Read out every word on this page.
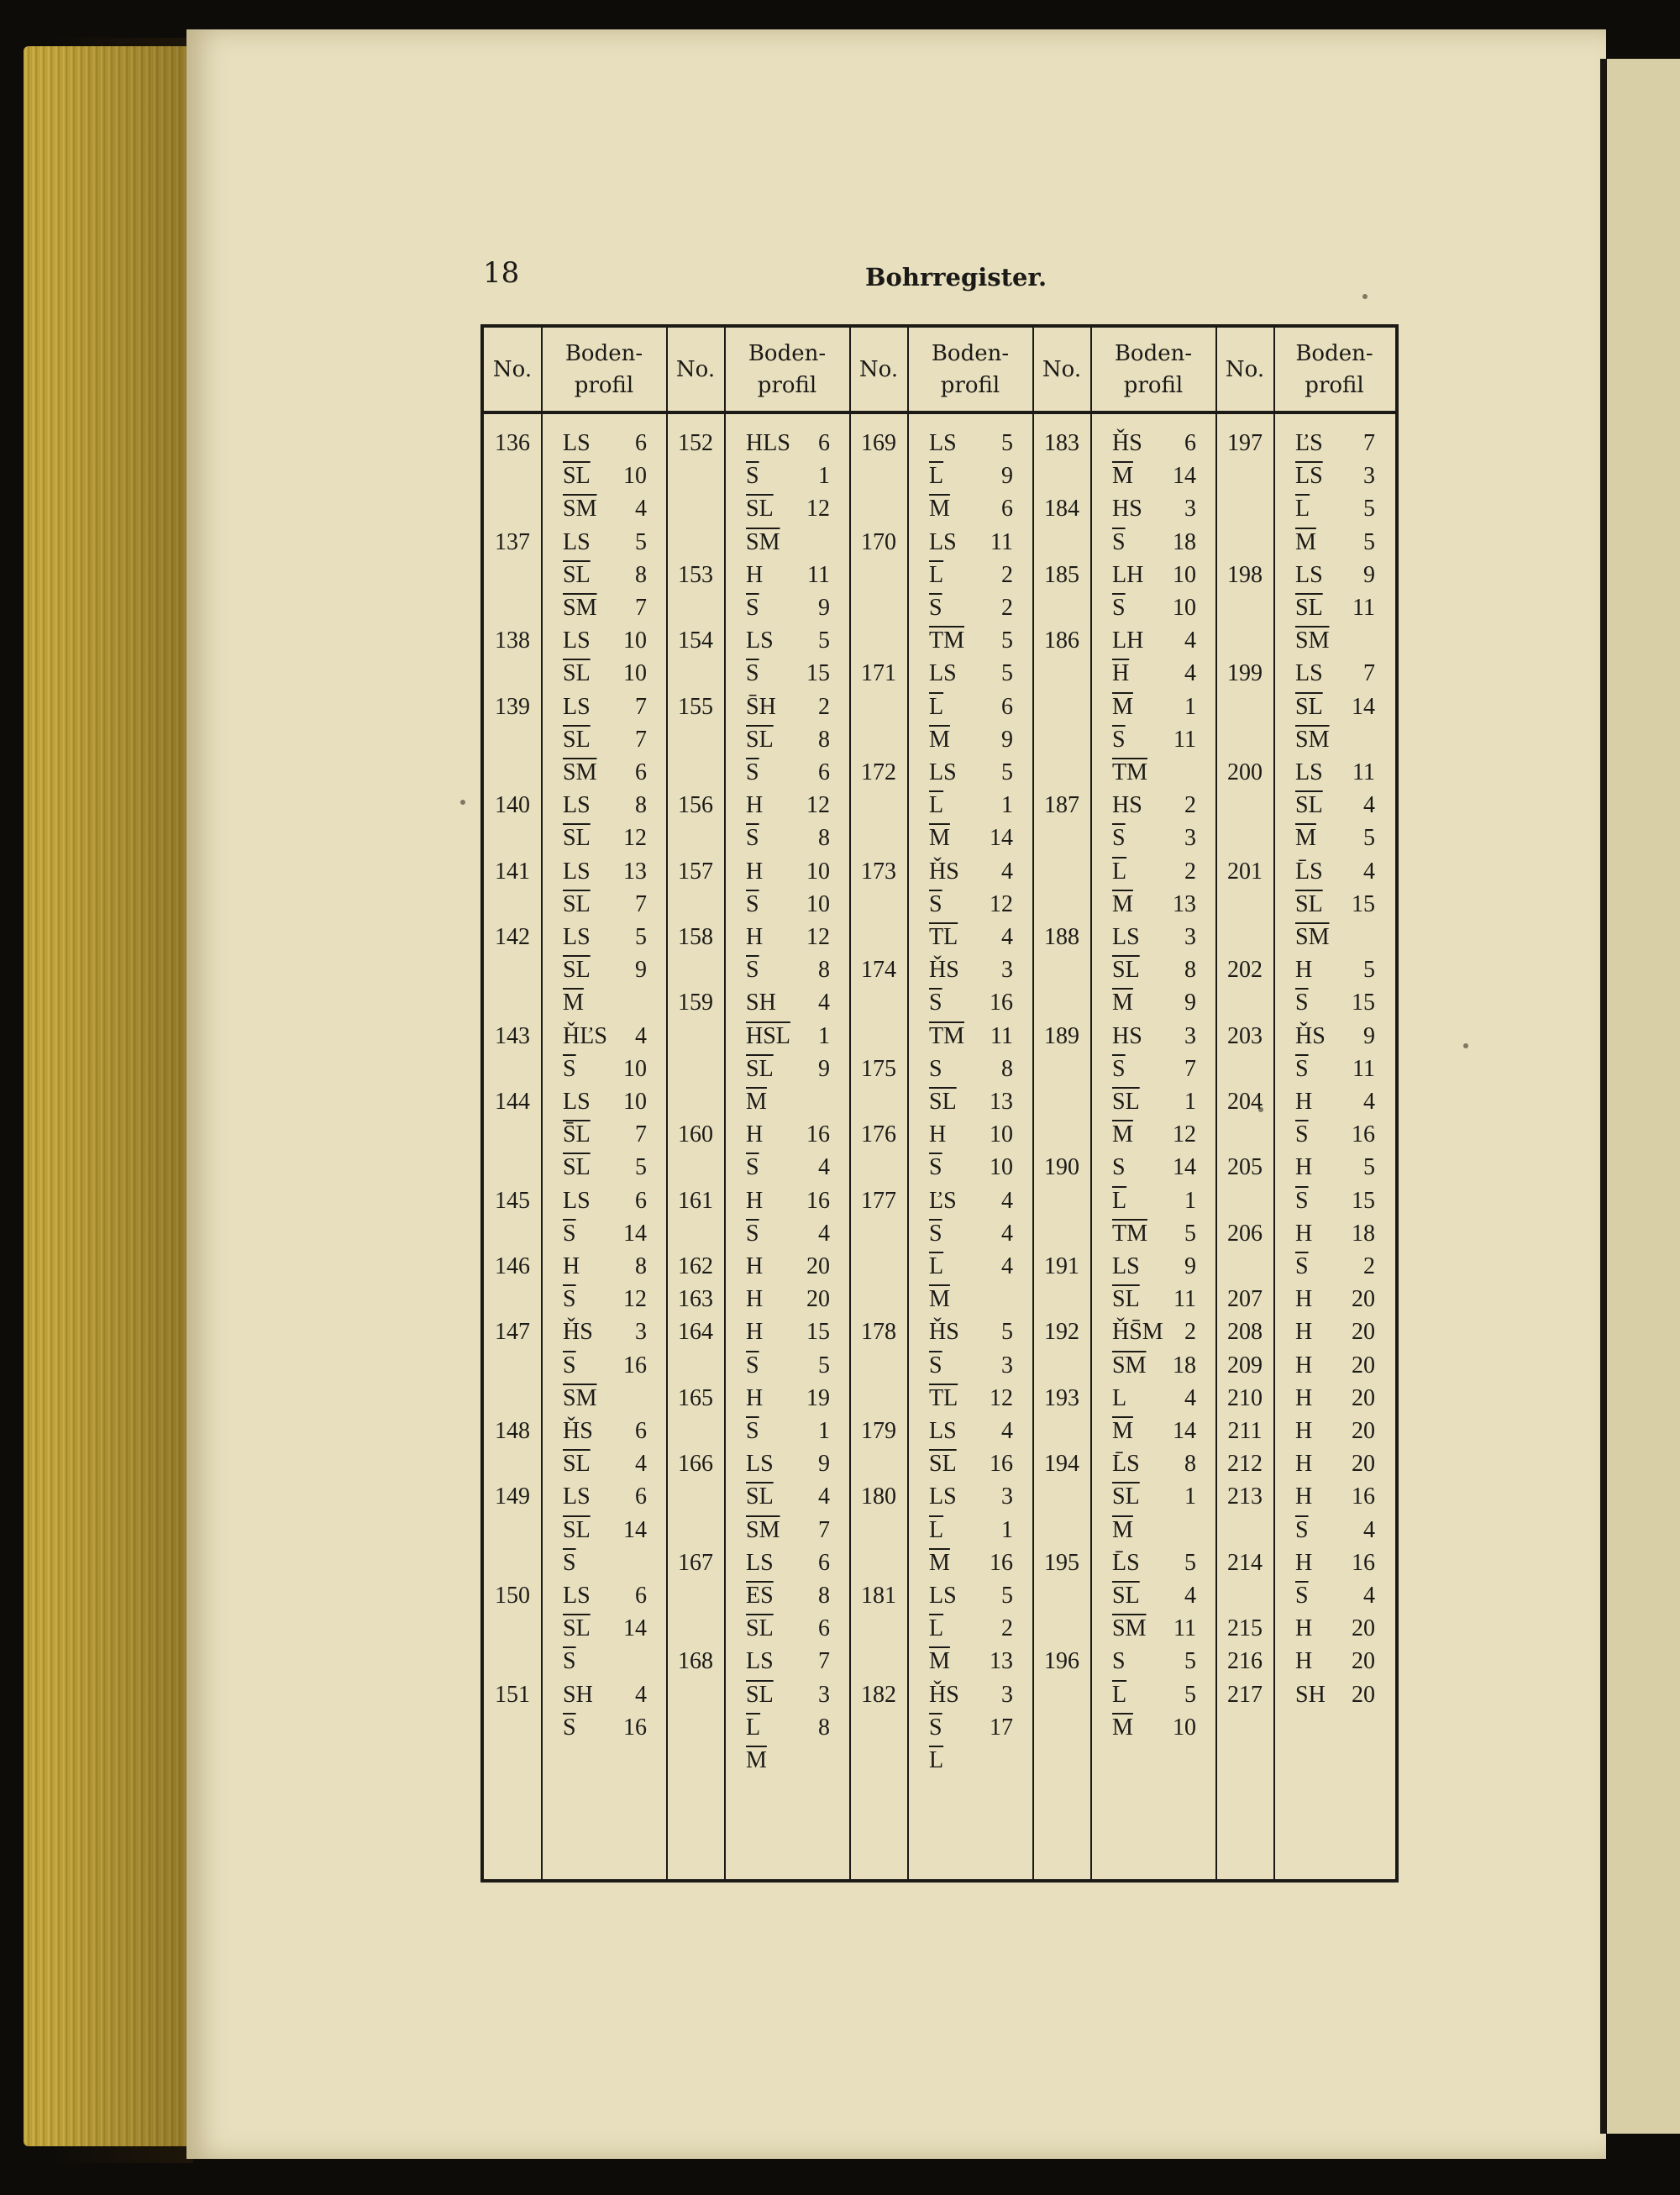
18	Bohrregister.
No.
Boden-
profil
136	LS	6
$\overline{SL}$ 10
$\overline{SM}$	4
137	LS	5
$\overline{SL}$	8
$\overline{SM}$	7
138	LS 10
$\overline{SL}$ 10
139	LS	7
$\overline{SL}$	7
$\overline{SM}$	6
140	LS	8
$\overline{SL}$ 12
141	LS 13
$\overline{SL}$	7
142	LS	5
$\overline{SL}$	9
$\overline{M}$
143	ȞĽS	4
$\overline{S}$ 10
144	LS 10
S̄L	7
$\overline{SL}$	5
145	LS	6
$\overline{S}$ 14
146	H	8
$\overline{S}$ 12
147	ȞS	3
$\overline{S}$ 16
$\overline{SM}$
148	ȞS	6
$\overline{SL}$	4
149	LS	6
$\overline{SL}$ 14
$\overline{S}$
150	LS	6
$\overline{SL}$ 14
$\overline{S}$
151	SH	4
$\overline{S}$ 16
No.
Boden-
profil
152	HLS	6
$\overline{S}$	1
$\overline{SL}$ 12
$\overline{SM}$
153	H 11
$\overline{S}$	9
154	LS	5
$\overline{S}$ 15
155	S̄H	2
$\overline{SL}$	8
$\overline{S}$	6
156	H 12
$\overline{S}$	8
157	H 10
$\overline{S}$ 10
158	H 12
$\overline{S}$	8
159	SH	4
$\overline{HSL}$	1
$\overline{SL}$	9
$\overline{M}$
160	H 16
$\overline{S}$	4
161	H 16
$\overline{S}$	4
162	H 20
163	H 20
164	H 15
$\overline{S}$	5
165	H 19
$\overline{S}$	1
166	LS	9
$\overline{SL}$	4
$\overline{SM}$	7
167	LS	6
$\overline{ES}$	8
$\overline{SL}$	6
168	LS	7
$\overline{SL}$	3
$\overline{L}$	8
$\overline{M}$
No.
Boden-
profil
169	LS	5
$\overline{L}$	9
$\overline{M}$	6
170	LS 11
$\overline{L}$	2
$\overline{S}$	2
$\overline{TM}$	5
171	LS	5
$\overline{L}$	6
$\overline{M}$	9
172	LS	5
$\overline{L}$	1
$\overline{M}$ 14
173	ȞS	4
$\overline{S}$ 12
$\overline{TL}$	4
174	ȞS	3
$\overline{S}$ 16
$\overline{TM}$ 11
175	S	8
$\overline{SL}$ 13
176	H 10
$\overline{S}$ 10
177	ĽS	4
$\overline{S}$	4
$\overline{L}$	4
$\overline{M}$
178	ȞS	5
$\overline{S}$	3
$\overline{TL}$ 12
179	LS	4
$\overline{SL}$ 16
180	LS	3
$\overline{L}$	1
$\overline{M}$ 16
181	LS	5
$\overline{L}$	2
$\overline{M}$ 13
182	ȞS	3
$\overline{S}$ 17
$\overline{L}$
No.
Boden-
profil
183	ȞS	6
$\overline{M}$ 14
184	HS	3
$\overline{S}$ 18
185	LH 10
$\overline{S}$ 10
186	LH	4
$\overline{H}$	4
$\overline{M}$	1
$\overline{S}$ 11
$\overline{TM}$
187	HS	2
$\overline{S}$	3
$\overline{L}$	2
$\overline{M}$ 13
188	LS	3
$\overline{SL}$	8
$\overline{M}$	9
189	HS	3
$\overline{S}$	7
$\overline{SL}$	1
$\overline{M}$ 12
190	S 14
$\overline{L}$	1
$\overline{TM}$	5
191	LS	9
$\overline{SL}$ 11
192	ȞS̄M 2
$\overline{SM}$ 18
193	L	4
$\overline{M}$ 14
194	L̄S	8
$\overline{SL}$	1
$\overline{M}$
195	L̄S	5
$\overline{SL}$	4
$\overline{SM}$ 11
196	S	5
$\overline{L}$	5
$\overline{M}$ 10
No.
Boden-
profil
197	ĽS	7
$\overline{LS}$	3
$\overline{L}$	5
$\overline{M}$	5
198	LS	9
$\overline{SL}$ 11
$\overline{SM}$
199	LS	7
$\overline{SL}$ 14
$\overline{SM}$
200	LS 11
$\overline{SL}$	4
$\overline{M}$	5
201	L̄S	4
$\overline{SL}$ 15
$\overline{SM}$
202	H	5
$\overline{S}$ 15
203	ȞS	9
$\overline{S}$ 11
204	H	4
$\overline{S}$ 16
205	H	5
$\overline{S}$ 15
206	H 18
$\overline{S}$	2
207	H 20
208	H 20
209	H 20
210	H 20
211	H 20
212	H 20
213	H 16
$\overline{S}$	4
214	H 16
$\overline{S}$	4
215	H 20
216	H 20
217	SH 20
